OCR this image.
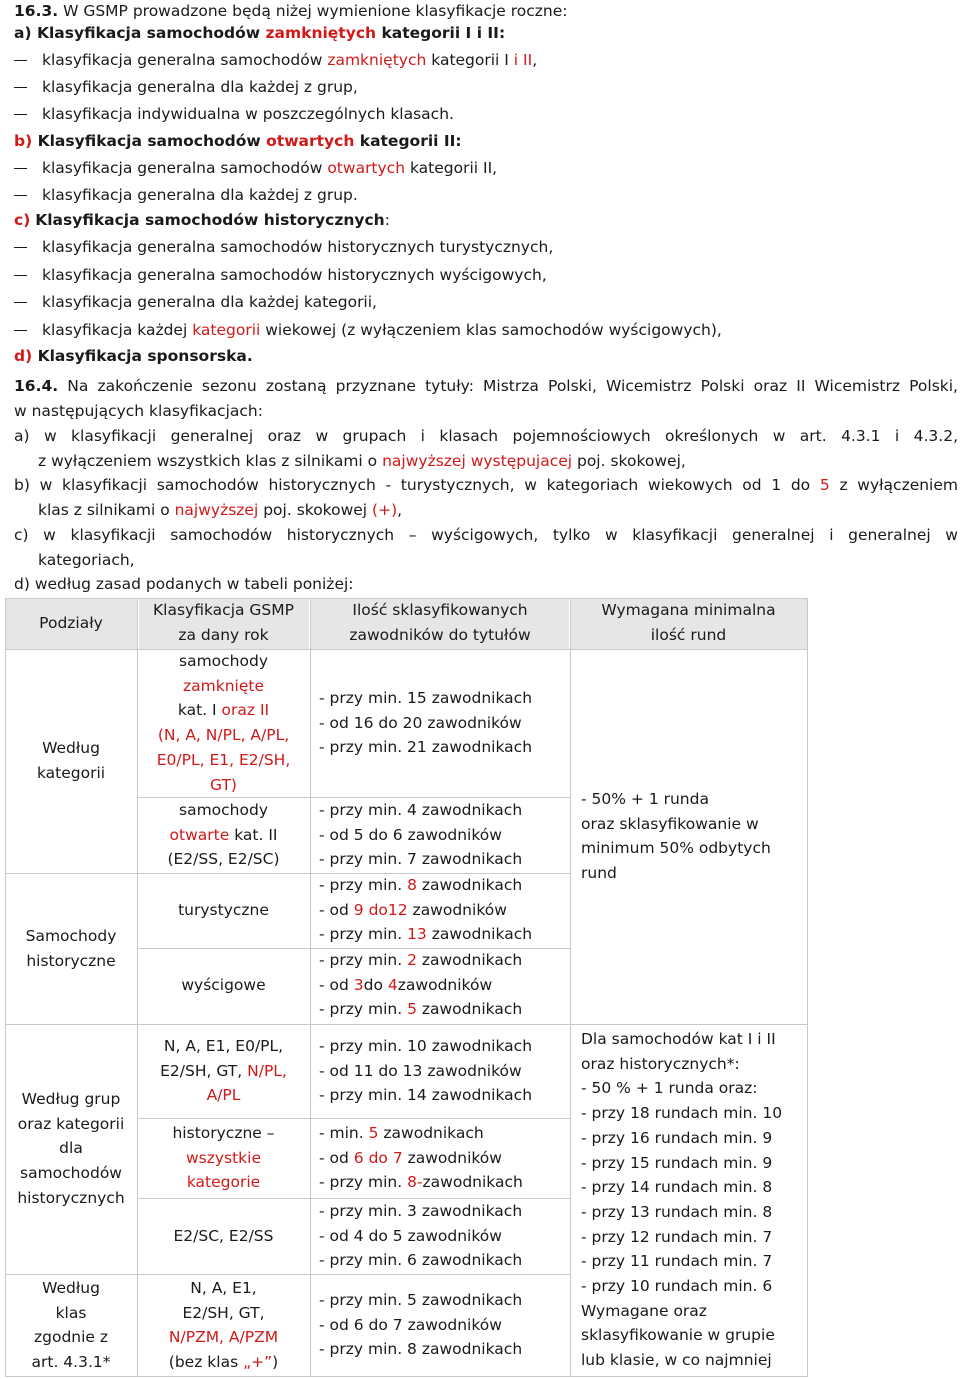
16.3. W GSMP prowadzone będą niżej wymienione klasyfikacje roczne:
a) Klasyfikacja samochodów zamkniętych kategorii I i II:
klasyfikacja generalna samochodów zamkniętych kategorii I i II,
klasyfikacja generalna dla każdej z grup,
klasyfikacja indywidualna w poszczególnych klasach.
b) Klasyfikacja samochodów otwartych kategorii II:
klasyfikacja generalna samochodów otwartych kategorii II,
klasyfikacja generalna dla każdej z grup.
c) Klasyfikacja samochodów historycznych:
klasyfikacja generalna samochodów historycznych turystycznych,
klasyfikacja generalna samochodów historycznych wyścigowych,
klasyfikacja generalna dla każdej kategorii,
klasyfikacja każdej kategorii wiekowej (z wyłączeniem klas samochodów wyścigowych),
d) Klasyfikacja sponsorska.
16.4. Na zakończenie sezonu zostaną przyznane tytuły: Mistrza Polski, Wicemistrz Polski oraz II Wicemistrz Polski,
w następujących klasyfikacjach:
a) w klasyfikacji generalnej oraz w grupach i klasach pojemnościowych określonych w art. 4.3.1 i 4.3.2,
z wyłączeniem wszystkich klas z silnikami o najwyższej występujacej poj. skokowej,
b) w klasyfikacji samochodów historycznych - turystycznych, w kategoriach wiekowych od 1 do 5 z wyłączeniem
klas z silnikami o najwyższej poj. skokowej (+),
c) w klasyfikacji samochodów historycznych – wyścigowych, tylko w klasyfikacji generalnej i generalnej w
kategoriach,
d) według zasad podanych w tabeli poniżej:
Podziały
Klasyfikacja GSMP
za dany rok
Ilość sklasyfikowanych
zawodników do tytułów
Wymagana minimalna
ilość rund
Według
kategorii
Samochody
historyczne
Według grup
oraz kategorii
dla
samochodów
historycznych
Według
klas
zgodnie z
art. 4.3.1*
samochody
zamknięte
kat. I oraz II
(N, A, N/PL, A/PL,
E0/PL, E1, E2/SH,
GT)
samochody
otwarte kat. II
(E2/SS, E2/SC)
turystyczne
wyścigowe
N, A, E1, E0/PL,
E2/SH, GT, N/PL,
A/PL
historyczne –
wszystkie
kategorie
E2/SC, E2/SS
N, A, E1,
E2/SH, GT,
N/PZM, A/PZM
(bez klas „+”)
- przy min. 15 zawodnikach
- od 16 do 20 zawodników
- przy min. 21 zawodnikach
- przy min. 4 zawodnikach
- od 5 do 6 zawodników
- przy min. 7 zawodnikach
- przy min. 8 zawodnikach
- od 9 do12 zawodników
- przy min. 13 zawodnikach
- przy min. 2 zawodnikach
- od 3do 4zawodników
- przy min. 5 zawodnikach
- przy min. 10 zawodnikach
- od 11 do 13 zawodników
- przy min. 14 zawodnikach
- min. 5 zawodnikach
- od 6 do 7 zawodników
- przy min. 8-zawodnikach
- przy min. 3 zawodnikach
- od 4 do 5 zawodników
- przy min. 6 zawodnikach
- przy min. 5 zawodnikach
- od 6 do 7 zawodników
- przy min. 8 zawodnikach
- 50% + 1 runda
oraz sklasyfikowanie w
minimum 50% odbytych
rund
Dla samochodów kat I i II
oraz historycznych*:
- 50 % + 1 runda oraz:
- przy 18 rundach min. 10
- przy 16 rundach min. 9
- przy 15 rundach min. 9
- przy 14 rundach min. 8
- przy 13 rundach min. 8
- przy 12 rundach min. 7
- przy 11 rundach min. 7
- przy 10 rundach min. 6
Wymagane oraz
sklasyfikowanie w grupie
lub klasie, w co najmniej
